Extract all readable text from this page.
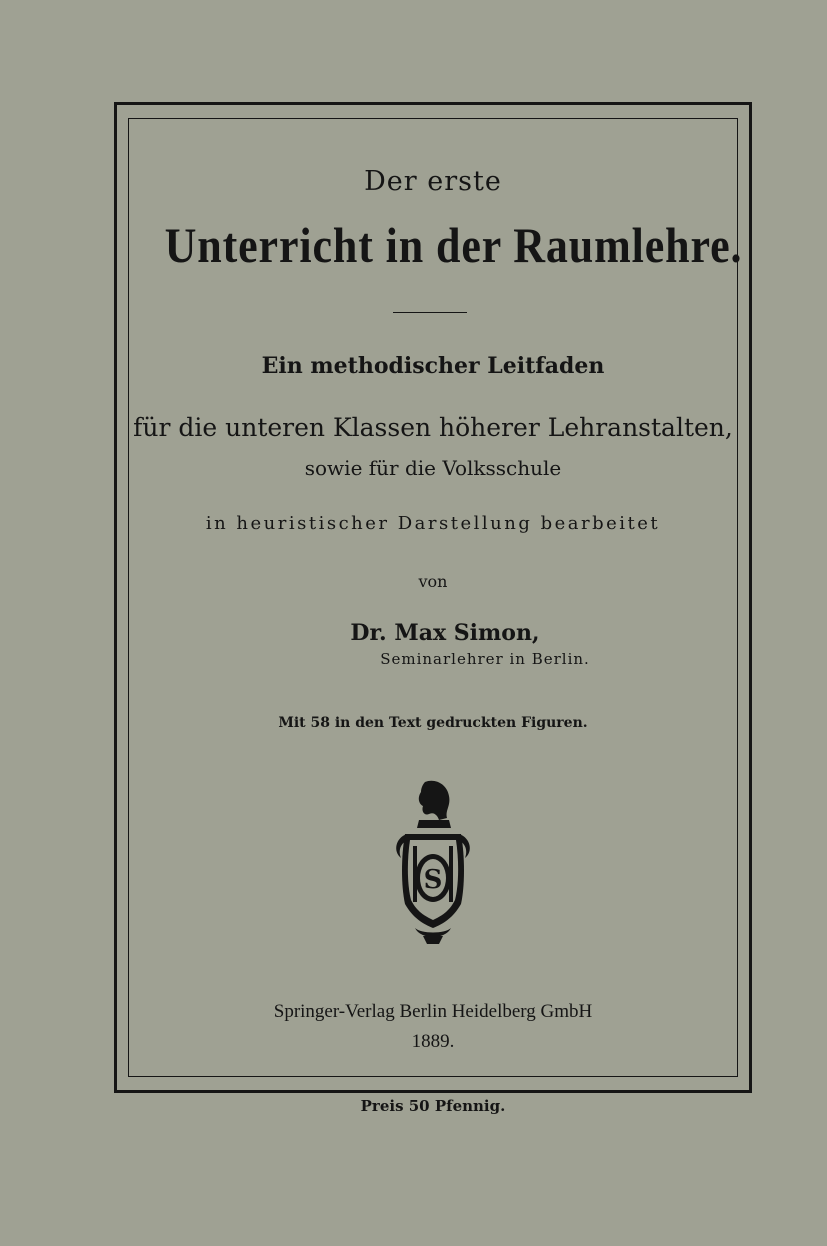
Der erste
Unterricht in der Raumlehre.
Ein methodischer Leitfaden
für die unteren Klassen höherer Lehranstalten,
sowie für die Volksschule
in heuristischer Darstellung bearbeitet
von
Dr. Max Simon,
Seminarlehrer in Berlin.
Mit 58 in den Text gedruckten Figuren.
S
Springer-Verlag Berlin Heidelberg GmbH
1889.
Preis 50 Pfennig.
